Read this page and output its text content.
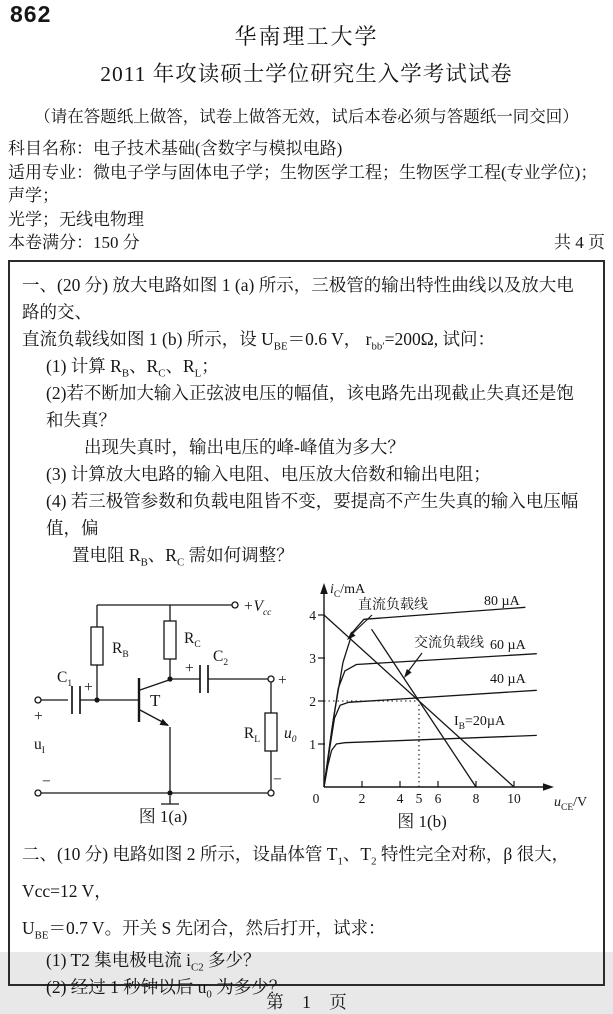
862
华南理工大学
2011 年攻读硕士学位研究生入学考试试卷
（请在答题纸上做答，试卷上做答无效，试后本卷必须与答题纸一同交回）

科目名称：电子技术基础(含数字与模拟电路)

适用专业：微电子学与固体电子学；生物医学工程；生物医学工程(专业学位)；声学；

光学；无线电物理

本卷满分：150 分	共 4 页

一、(20 分) 放大电路如图 1 (a) 所示，三极管的输出特性曲线以及放大电路的交、

直流负载线如图 1 (b) 所示，设 $U_{BE}=0.6$ V， $r_{bb'}=200\Omega$, 试问：

(1) 计算 $R_B$、$R_C$、$R_L$；

(2)若不断加大输入正弦波电压的幅值，该电路先出现截止失真还是饱和失真？

出现失真时，输出电压的峰-峰值为多大？

(3) 计算放大电路的输入电阻、电压放大倍数和输出电阻；

(4) 若三极管参数和负载电阻皆不变，要提高不产生失真的输入电压幅值，偏

置电阻 $R_B$、$R_C$ 需如何调整？

$+V_{cc}$
$R_B$
$R_C$
$C_1$
$C_2$
T
$R_L$ $u_0$
$u_I$
+
+
+
+
−	−
图 1(a)
2 4 6 8 10
1
2
3
4
0	5
$i_C/mA$
$u_{CE}/V$
直流负载线
交流负载线
80 µA
60 µA
40 µA
$I_B=20\mu A$
图 1(b)

二、(10 分) 电路如图 2 所示，设晶体管 $T_1$、$T_2$ 特性完全对称，β 很大，Vcc=12 V，

$U_{BE}=0.7$ V。开关 S 先闭合，然后打开，试求：

(1) T2 集电极电流 $i_{C2}$ 多少？

(2) 经过 1 秒钟以后 $u_0$ 为多少？

第 1 页
